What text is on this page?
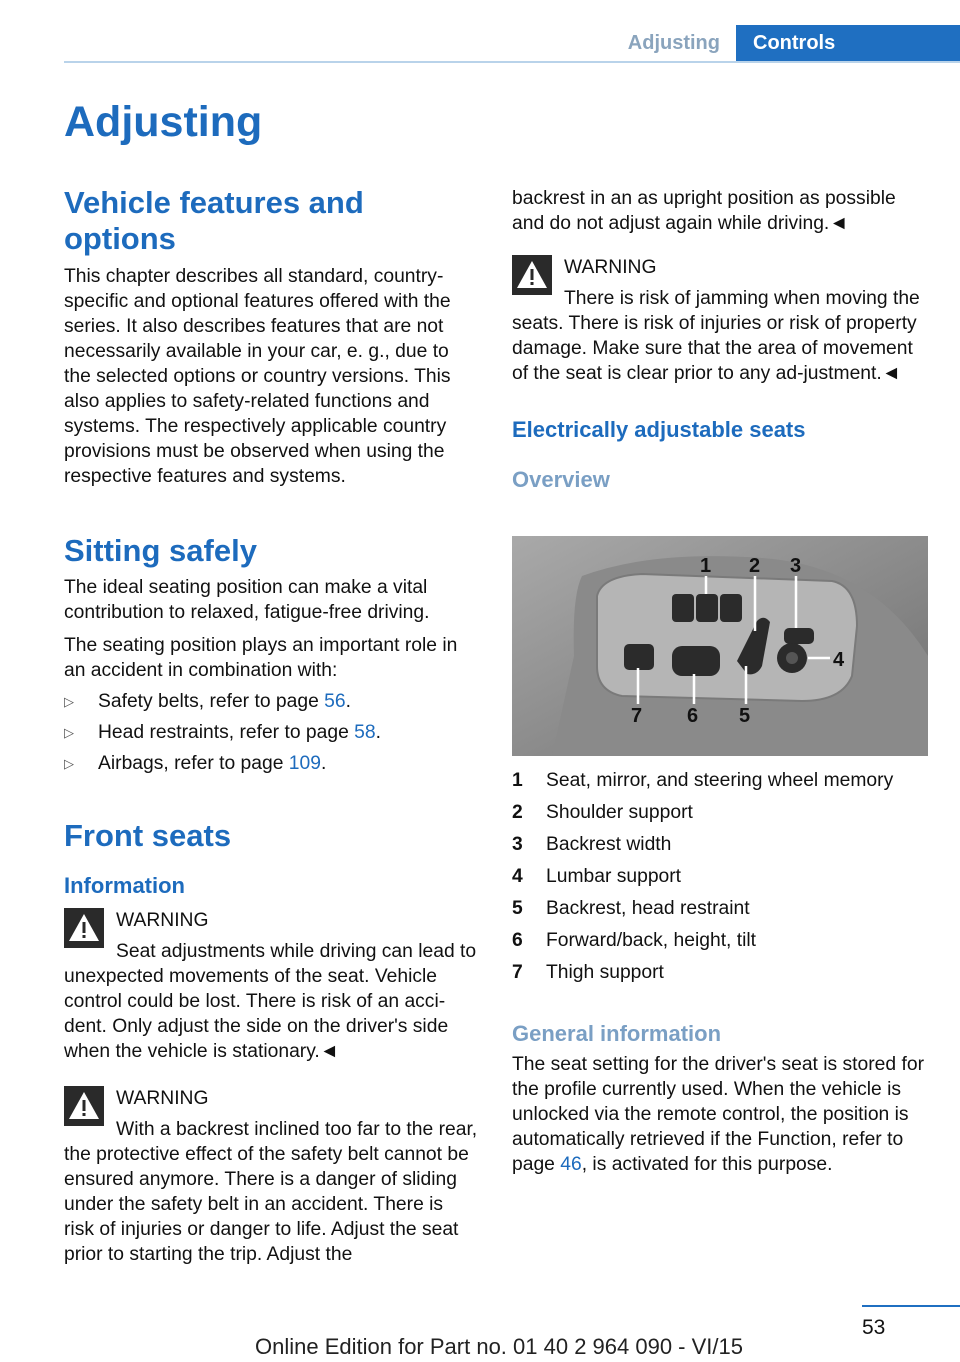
Adjusting	Controls
Adjusting
Vehicle features and options
This chapter describes all standard, country-specific and optional features offered with the series. It also describes features that are not necessarily available in your car, e. g., due to the selected options or country versions. This also applies to safety-related functions and systems. The respectively applicable country provisions must be observed when using the respective features and systems.
Sitting safely
The ideal seating position can make a vital contribution to relaxed, fatigue-free driving.
The seating position plays an important role in an accident in combination with:
▷ Safety belts, refer to page 56.
▷ Head restraints, refer to page 58.
▷ Airbags, refer to page 109.
Front seats
Information
WARNING
Seat adjustments while driving can lead to unexpected movements of the seat. Vehicle control could be lost. There is risk of an acci-dent. Only adjust the side on the driver's side when the vehicle is stationary.◄
WARNING
With a backrest inclined too far to the rear, the protective effect of the safety belt cannot be ensured anymore. There is a danger of sliding under the safety belt in an accident. There is risk of injuries or danger to life. Adjust the seat prior to starting the trip. Adjust the
backrest in an as upright position as possible and do not adjust again while driving.◄
WARNING
There is risk of jamming when moving the seats. There is risk of injuries or risk of property damage. Make sure that the area of movement of the seat is clear prior to any ad-justment.◄
Electrically adjustable seats
Overview
1 2 3
4
5
6
7
1	Seat, mirror, and steering wheel memory
2	Shoulder support
3	Backrest width
4	Lumbar support
5	Backrest, head restraint
6	Forward/back, height, tilt
7	Thigh support
General information
The seat setting for the driver's seat is stored for the profile currently used. When the vehicle is unlocked via the remote control, the position is automatically retrieved if the Function, refer to page 46, is activated for this purpose.
53
Online Edition for Part no. 01 40 2 964 090 - VI/15
